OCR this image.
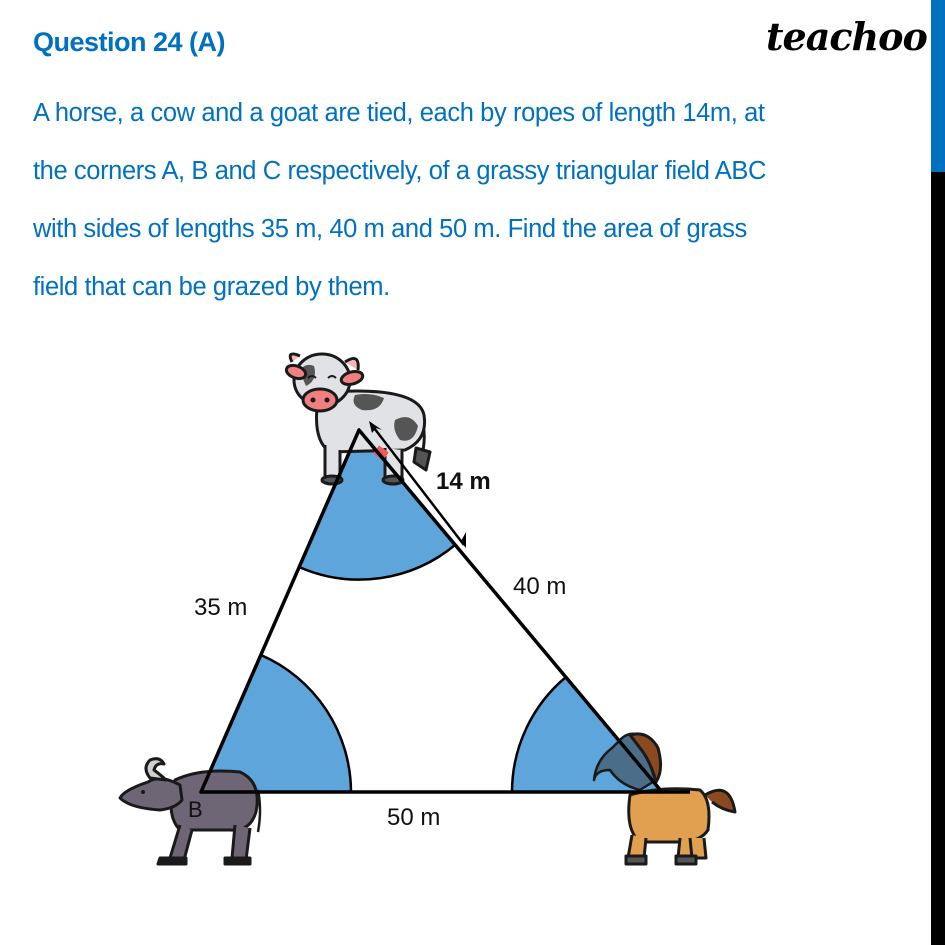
Question 24 (A)	teachoo

A horse, a cow and a goat are tied, each by ropes of length 14m, at

the corners A, B and C respectively, of a grassy triangular field ABC

with sides of lengths 35 m, 40 m and 50 m. Find the area of grass

field that can be grazed by them.

14 m
35 m
40 m
50 m
B
